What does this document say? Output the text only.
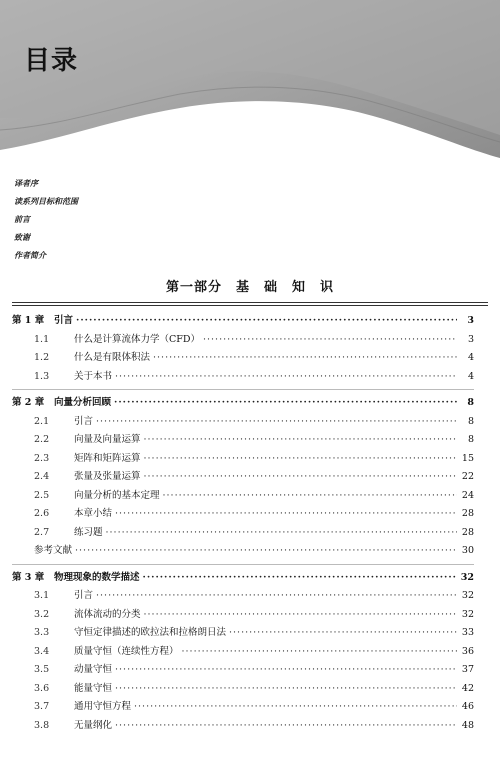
目录
译者序
读系列目标和范围
前言
致谢
作者简介
第一部分　基　础　知　识
第 1 章	引言 ·····	3
1.1	什么是计算流体力学（CFD） ·····	3
1.2	什么是有限体积法 ·····	4
1.3	关于本书 ·····	4
第 2 章	向量分析回顾 ·····	8
2.1	引言 ·····	8
2.2	向量及向量运算 ·····	8
2.3	矩阵和矩阵运算 ·····	15
2.4	张量及张量运算 ·····	22
2.5	向量分析的基本定理 ·····	24
2.6	本章小结 ·····	28
2.7	练习题 ·····	28
参考文献 ·····	30
第 3 章	物理现象的数学描述 ·····	32
3.1	引言 ·····	32
3.2	流体流动的分类 ·····	32
3.3	守恒定律描述的欧拉法和拉格朗日法 ·····	33
3.4	质量守恒（连续性方程） ·····	36
3.5	动量守恒 ·····	37
3.6	能量守恒 ·····	42
3.7	通用守恒方程 ·····	46
3.8	无量纲化 ·····	48
